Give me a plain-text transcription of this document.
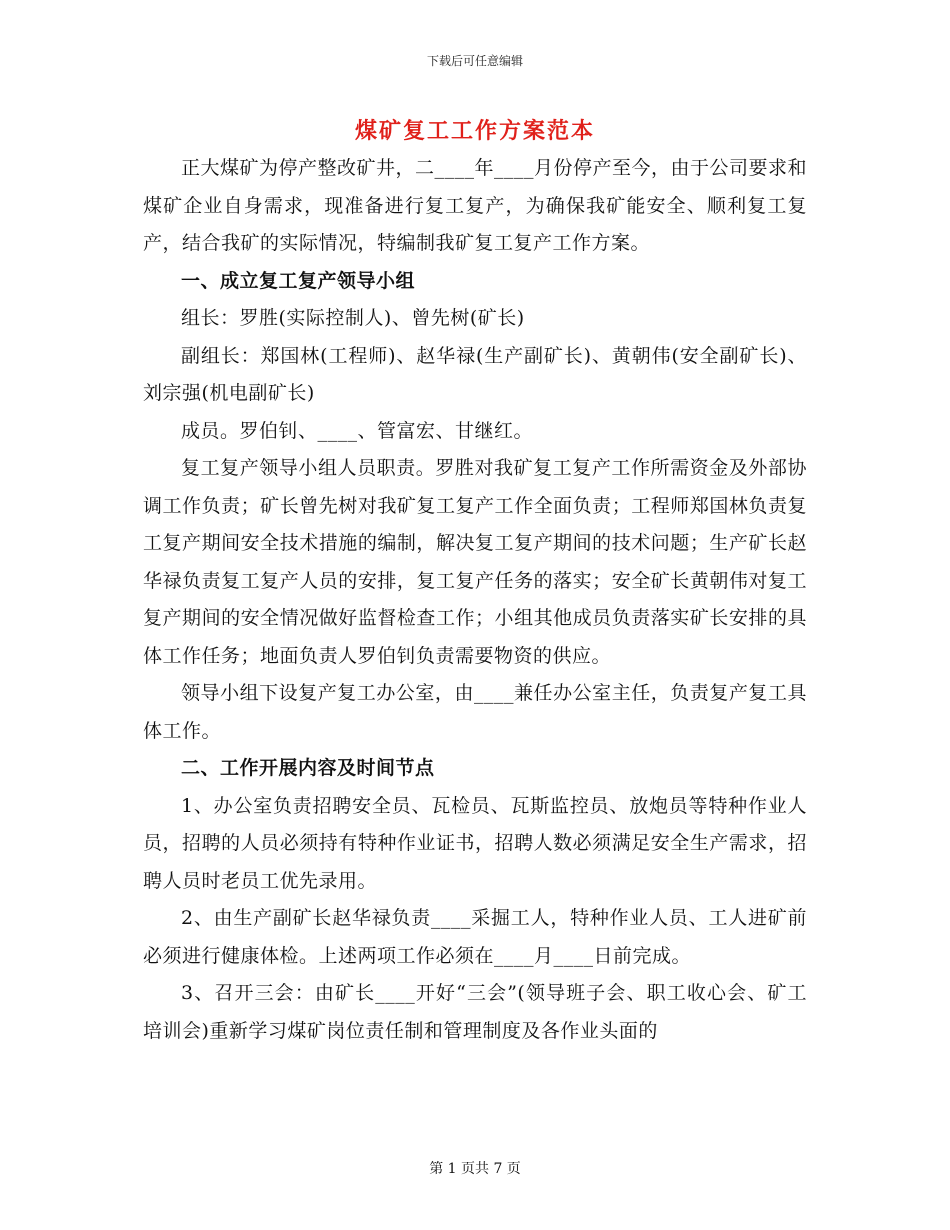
下载后可任意编辑
煤矿复工工作方案范本

正大煤矿为停产整改矿井，二____年____月份停产至今，由于公司要求和煤矿企业自身需求，现准备进行复工复产，为确保我矿能安全、顺利复工复产，结合我矿的实际情况，特编制我矿复工复产工作方案。

一、成立复工复产领导小组

组长：罗胜(实际控制人)、曾先树(矿长)

副组长：郑国林(工程师)、赵华禄(生产副矿长)、黄朝伟(安全副矿长)、刘宗强(机电副矿长)

成员。罗伯钊、____、管富宏、甘继红。

复工复产领导小组人员职责。罗胜对我矿复工复产工作所需资金及外部协调工作负责；矿长曾先树对我矿复工复产工作全面负责；工程师郑国林负责复工复产期间安全技术措施的编制，解决复工复产期间的技术问题；生产矿长赵华禄负责复工复产人员的安排，复工复产任务的落实；安全矿长黄朝伟对复工复产期间的安全情况做好监督检查工作；小组其他成员负责落实矿长安排的具体工作任务；地面负责人罗伯钊负责需要物资的供应。

领导小组下设复产复工办公室，由____兼任办公室主任，负责复产复工具体工作。

二、工作开展内容及时间节点

1、办公室负责招聘安全员、瓦检员、瓦斯监控员、放炮员等特种作业人员，招聘的人员必须持有特种作业证书，招聘人数必须满足安全生产需求，招聘人员时老员工优先录用。

2、由生产副矿长赵华禄负责____采掘工人，特种作业人员、工人进矿前必须进行健康体检。上述两项工作必须在____月____日前完成。

3、召开三会：由矿长____开好“三会”(领导班子会、职工收心会、矿工培训会)重新学习煤矿岗位责任制和管理制度及各作业头面的

第 1 页共 7 页
